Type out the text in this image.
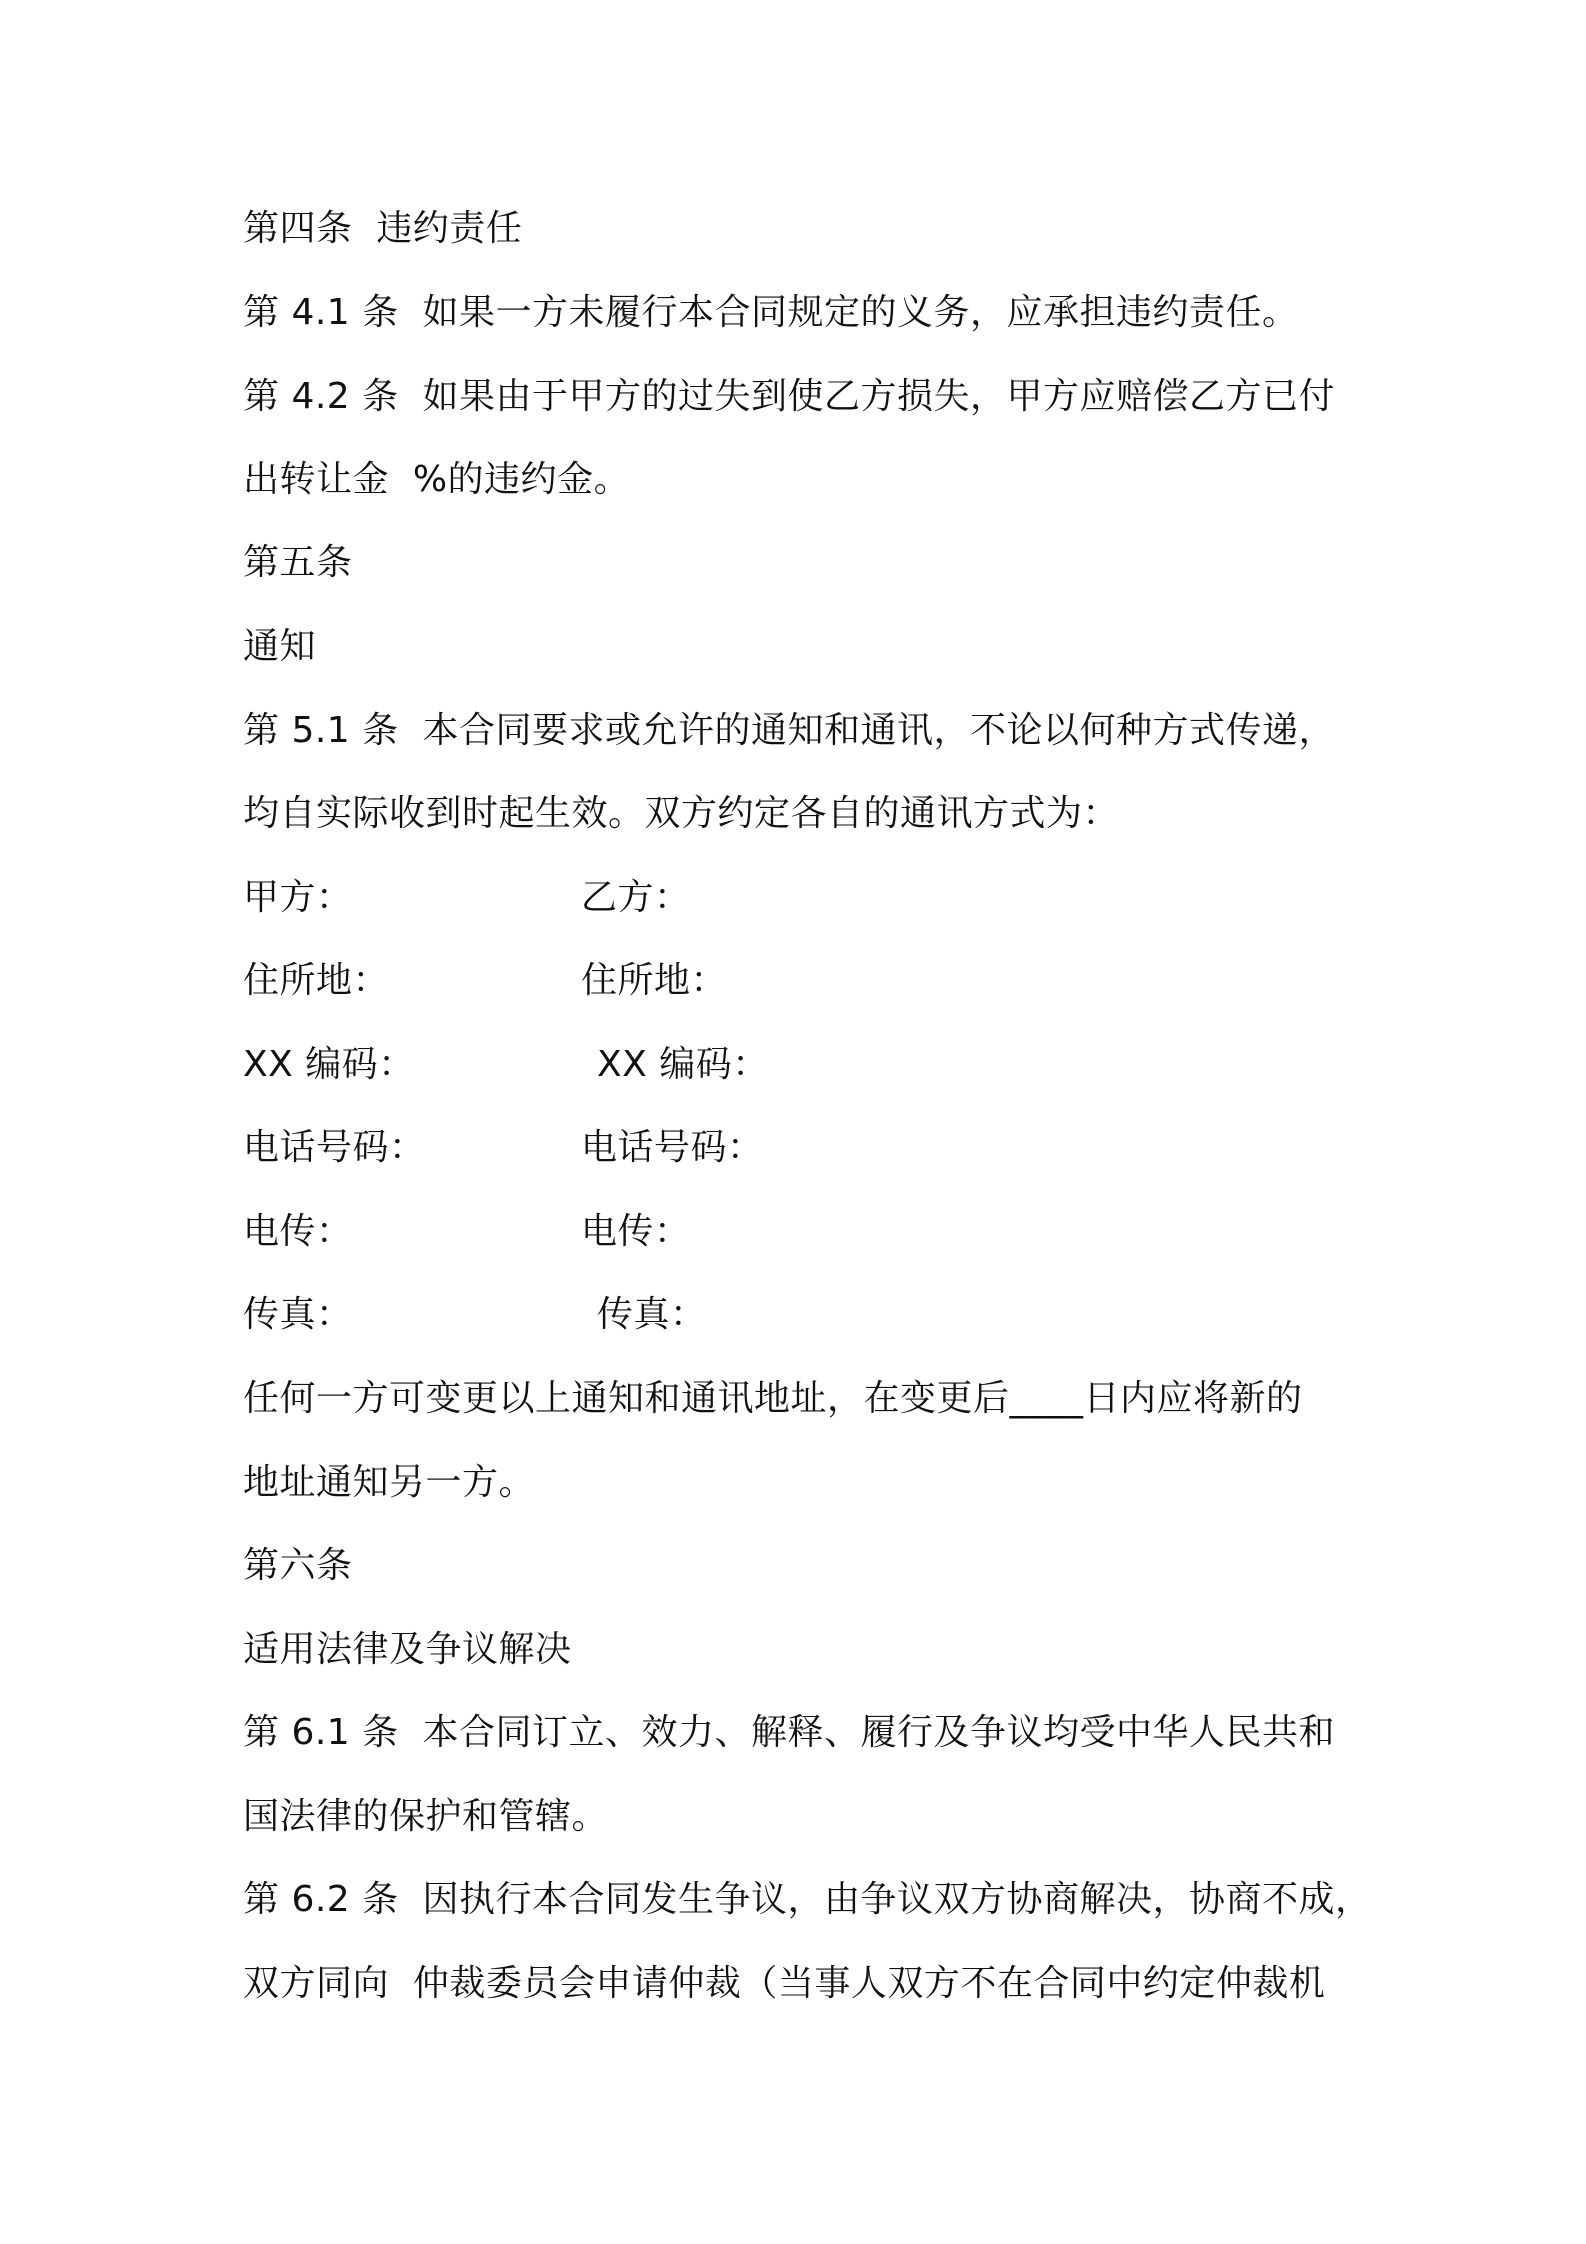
第四条  违约责任
第 4.1 条  如果一方未履行本合同规定的义务，应承担违约责任。
第 4.2 条  如果由于甲方的过失到使乙方损失，甲方应赔偿乙方已付
出转让金  %的违约金。
第五条
通知
第 5.1 条  本合同要求或允许的通知和通讯，不论以何种方式传递，
均自实际收到时起生效。双方约定各自的通讯方式为：
甲方：	乙方：
住所地：	住所地：
XX 编码：	XX 编码：
电话号码：	电话号码：
电传：	电传：
传真：	传真：
任何一方可变更以上通知和通讯地址，在变更后____日内应将新的
地址通知另一方。
第六条
适用法律及争议解决
第 6.1 条  本合同订立、效力、解释、履行及争议均受中华人民共和
国法律的保护和管辖。
第 6.2 条  因执行本合同发生争议，由争议双方协商解决，协商不成，
双方同向  仲裁委员会申请仲裁（当事人双方不在合同中约定仲裁机
